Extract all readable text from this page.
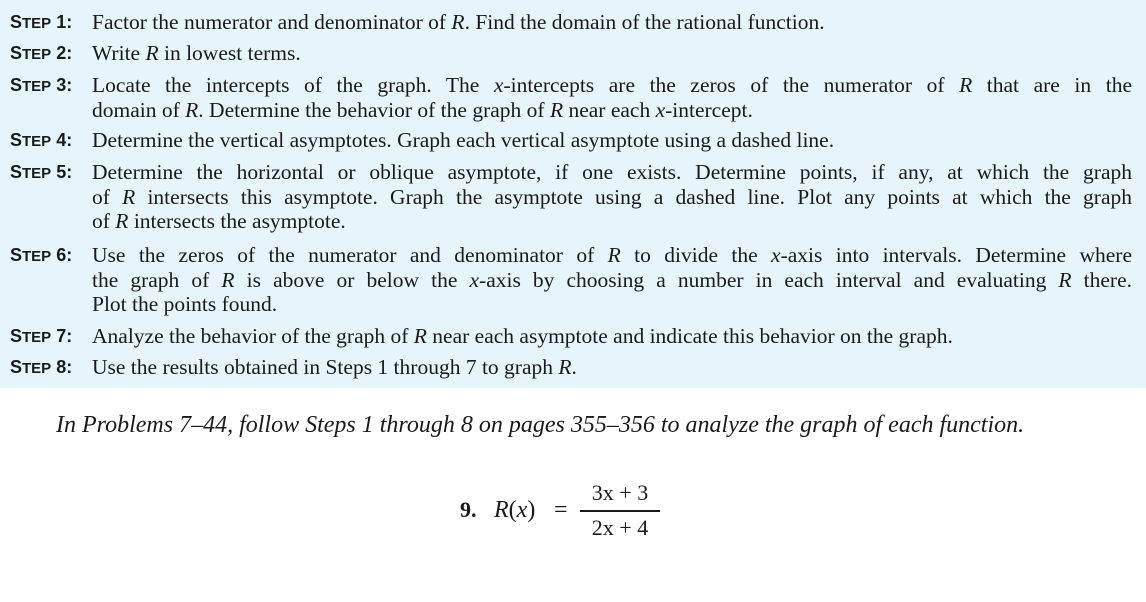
STEP 1: Factor the numerator and denominator of R. Find the domain of the rational function.
STEP 2: Write R in lowest terms.
STEP 3: Locate the intercepts of the graph. The x-intercepts are the zeros of the numerator of R that are in the
domain of R. Determine the behavior of the graph of R near each x-intercept.
STEP 4: Determine the vertical asymptotes. Graph each vertical asymptote using a dashed line.
STEP 5: Determine the horizontal or oblique asymptote, if one exists. Determine points, if any, at which the graph
of R intersects this asymptote. Graph the asymptote using a dashed line. Plot any points at which the graph
of R intersects the asymptote.
STEP 6: Use the zeros of the numerator and denominator of R to divide the x-axis into intervals. Determine where
the graph of R is above or below the x-axis by choosing a number in each interval and evaluating R there.
Plot the points found.
STEP 7: Analyze the behavior of the graph of R near each asymptote and indicate this behavior on the graph.
STEP 8: Use the results obtained in Steps 1 through 7 to graph R.
In Problems 7–44, follow Steps 1 through 8 on pages 355–356 to analyze the graph of each function.
9. R(x) =
3x + 3
2x + 4
